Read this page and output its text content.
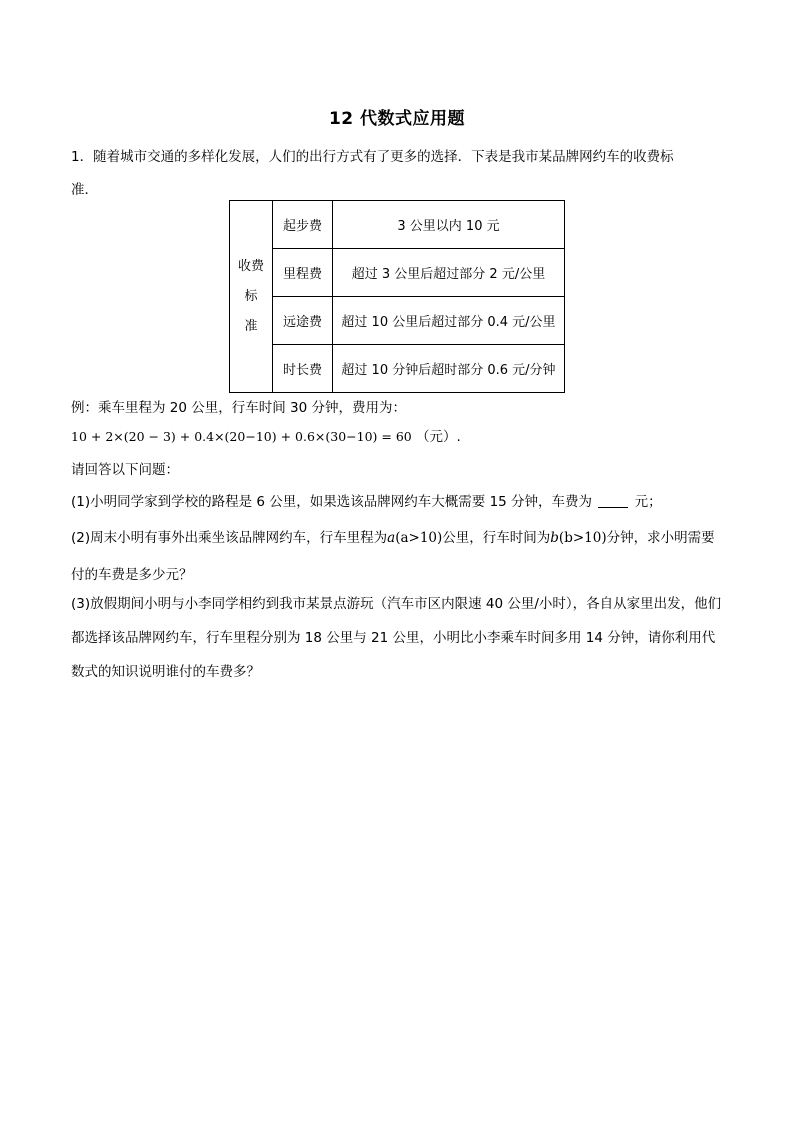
12 代数式应用题
1．随着城市交通的多样化发展，人们的出行方式有了更多的选择．下表是我市某品牌网约车的收费标
准．
收费
标
准	起步费	3 公里以内 10 元
	里程费	超过 3 公里后超过部分 2 元/公里
	远途费	超过 10 公里后超过部分 0.4 元/公里
	时长费	超过 10 分钟后超时部分 0.6 元/分钟
例：乘车里程为 20 公里，行车时间 30 分钟，费用为：
10 + 2×(20 − 3) + 0.4×(20−10) + 0.6×(30−10) = 60 （元）.
请回答以下问题：
(1)小明同学家到学校的路程是 6 公里，如果选该品牌网约车大概需要 15 分钟，车费为	元；
(2)周末小明有事外出乘坐该品牌网约车，行车里程为a(a>10)公里，行车时间为b(b>10)分钟，求小明需要
付的车费是多少元？
(3)放假期间小明与小李同学相约到我市某景点游玩（汽车市区内限速 40 公里/小时），各自从家里出发，他们都选择该品牌网约车，行车里程分别为 18 公里与 21 公里，小明比小李乘车时间多用 14 分钟，请你利用代数式的知识说明谁付的车费多？
